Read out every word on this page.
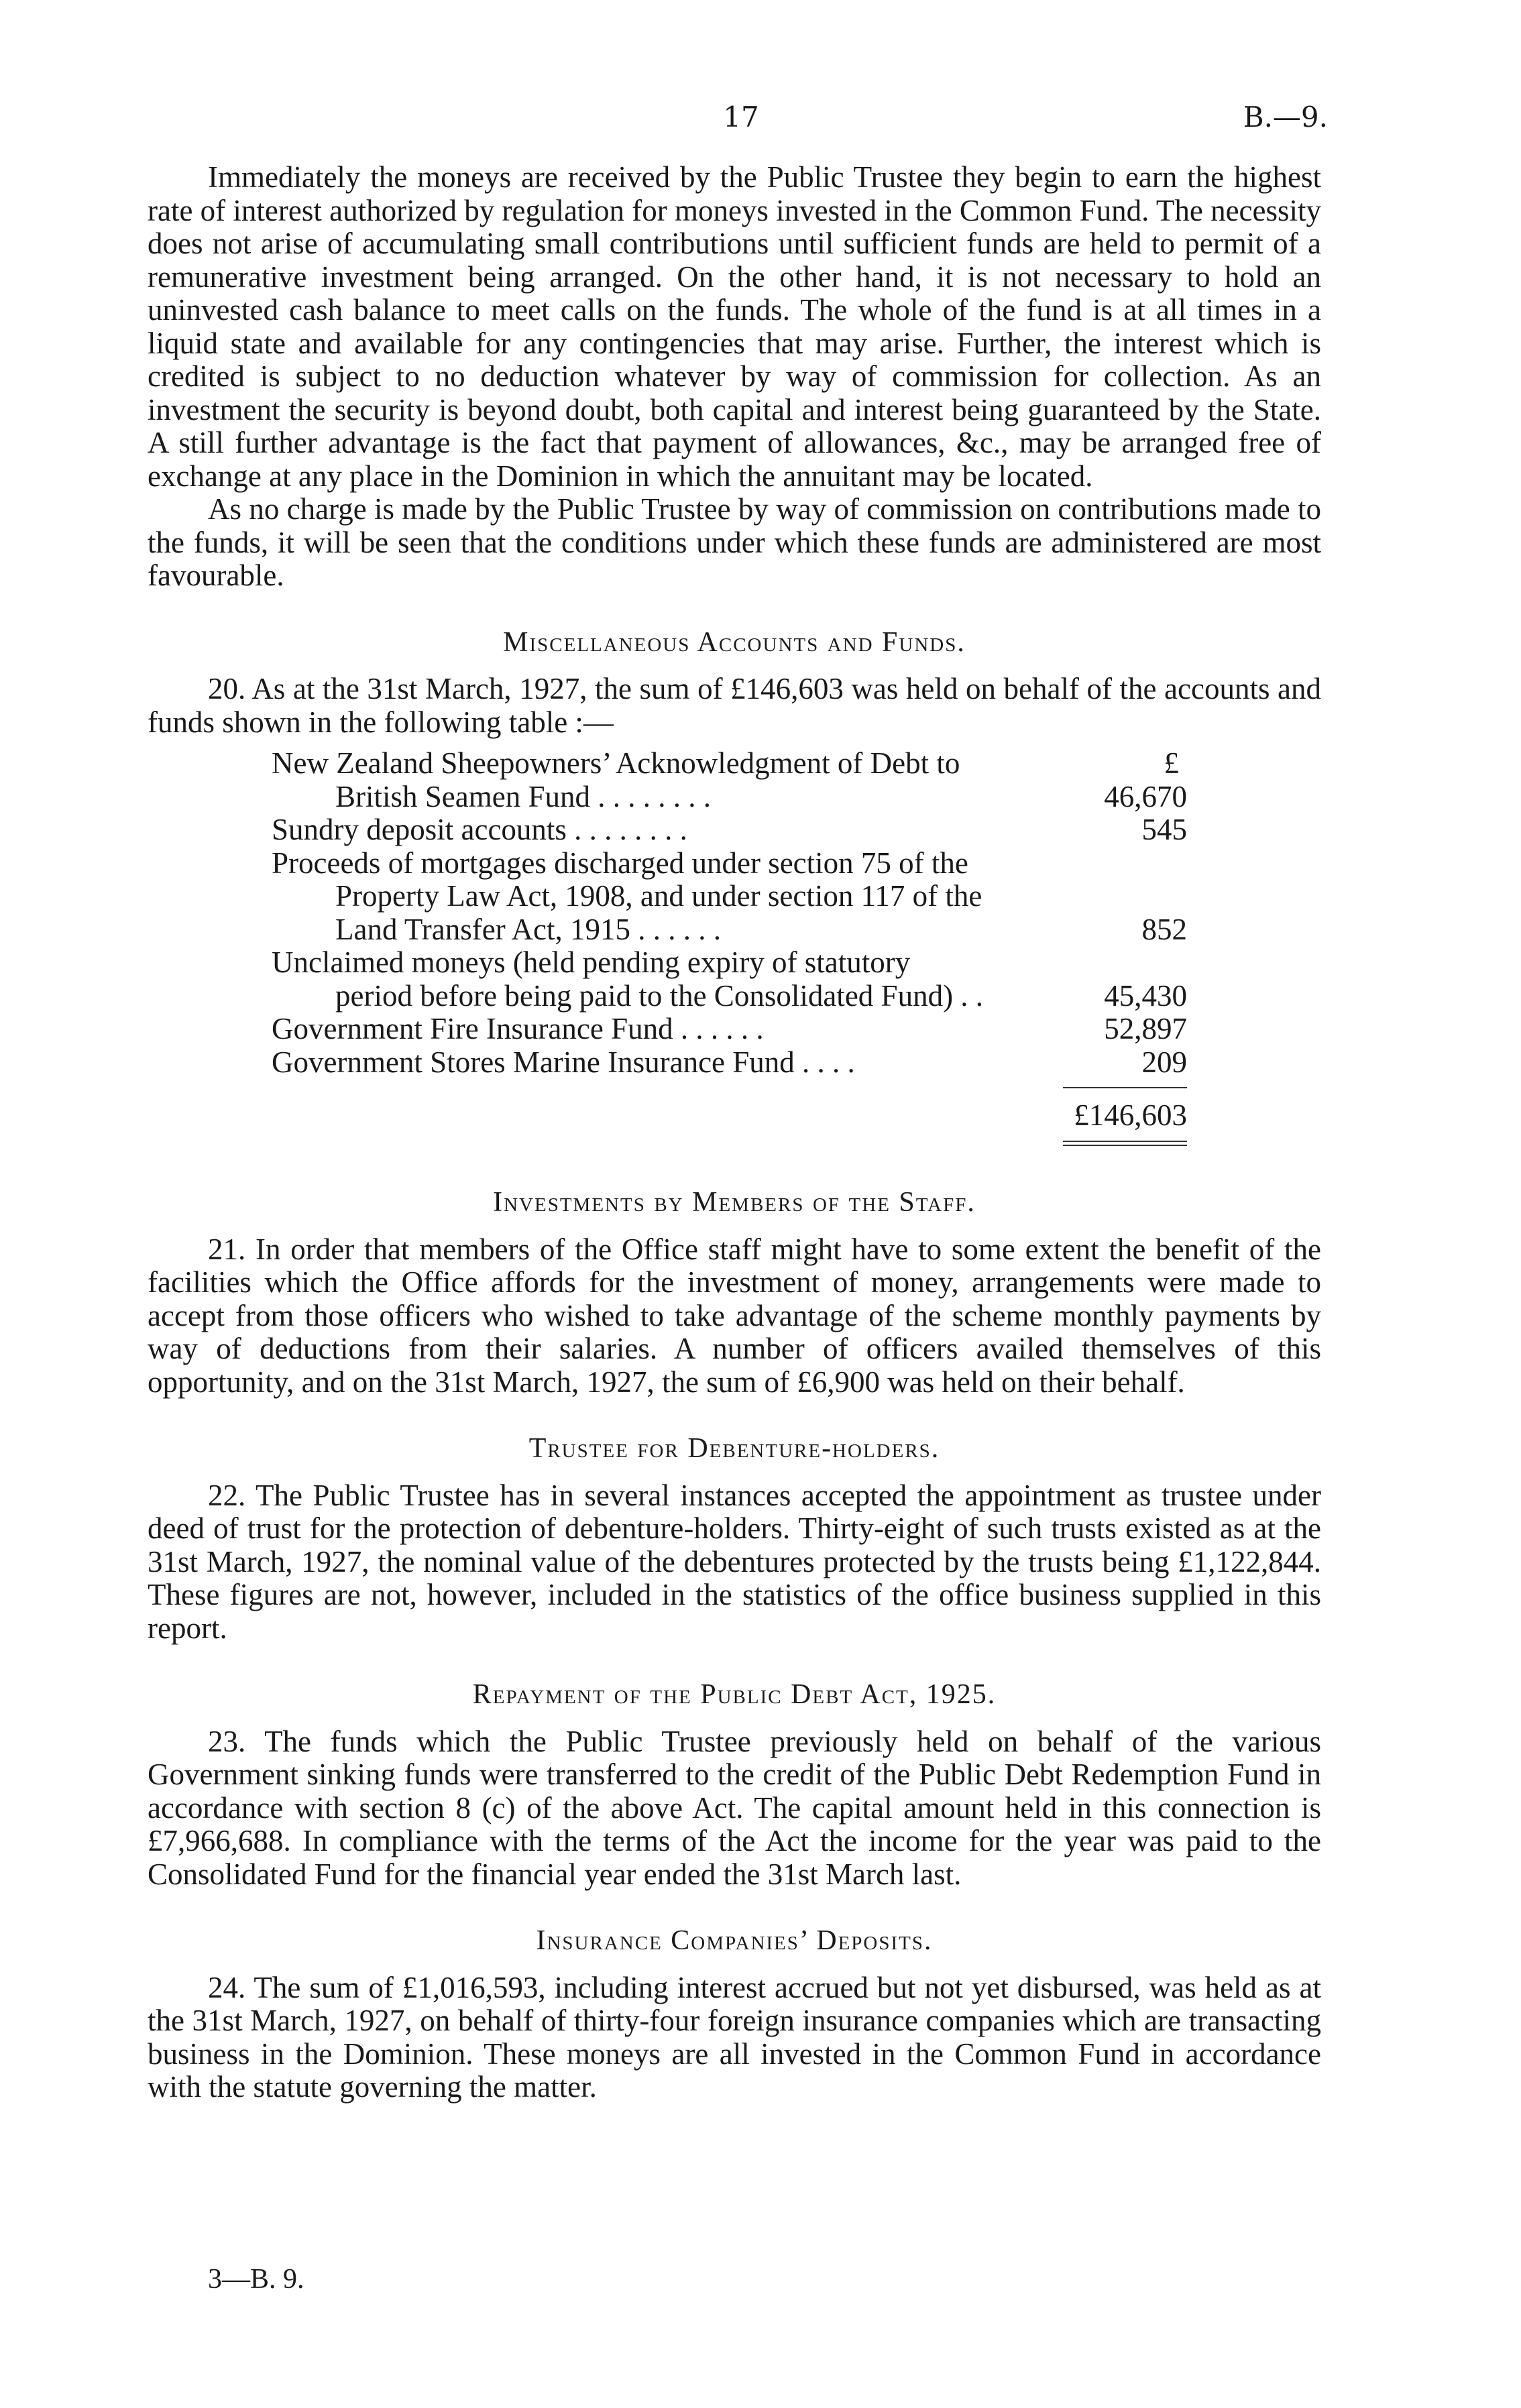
17	B.—9.

Immediately the moneys are received by the Public Trustee they begin to earn the highest rate of interest authorized by regulation for moneys invested in the Common Fund. The necessity does not arise of accumulating small contributions until sufficient funds are held to permit of a remunerative investment being arranged. On the other hand, it is not necessary to hold an uninvested cash balance to meet calls on the funds. The whole of the fund is at all times in a liquid state and available for any contingencies that may arise. Further, the interest which is credited is subject to no deduction whatever by way of commission for collection. As an investment the security is beyond doubt, both capital and interest being guaranteed by the State. A still further advantage is the fact that payment of allowances, &c., may be arranged free of exchange at any place in the Dominion in which the annuitant may be located.

As no charge is made by the Public Trustee by way of commission on contributions made to the funds, it will be seen that the conditions under which these funds are administered are most favourable.

Miscellaneous Accounts and Funds.

20. As at the 31st March, 1927, the sum of £146,603 was held on behalf of the accounts and funds shown in the following table :—

£
New Zealand Sheepowners’ Acknowledgment of Debt to
British Seamen Fund . . . . . . . .	46,670
Sundry deposit accounts . . . . . . . .	545
Proceeds of mortgages discharged under section 75 of the
Property Law Act, 1908, and under section 117 of the
Land Transfer Act, 1915 . . . . . .	852
Unclaimed moneys (held pending expiry of statutory
period before being paid to the Consolidated Fund) . .	45,430
Government Fire Insurance Fund . . . . . .	52,897
Government Stores Marine Insurance Fund . . . .	209
£146,603
Investments by Members of the Staff.

21. In order that members of the Office staff might have to some extent the benefit of the facilities which the Office affords for the investment of money, arrangements were made to accept from those officers who wished to take advantage of the scheme monthly payments by way of deductions from their salaries. A number of officers availed themselves of this opportunity, and on the 31st March, 1927, the sum of £6,900 was held on their behalf.

Trustee for Debenture-holders.

22. The Public Trustee has in several instances accepted the appointment as trustee under deed of trust for the protection of debenture-holders. Thirty-eight of such trusts existed as at the 31st March, 1927, the nominal value of the debentures protected by the trusts being £1,122,844. These figures are not, however, included in the statistics of the office business supplied in this report.

Repayment of the Public Debt Act, 1925.

23. The funds which the Public Trustee previously held on behalf of the various Government sinking funds were transferred to the credit of the Public Debt Redemption Fund in accordance with section 8 (c) of the above Act. The capital amount held in this connection is £7,966,688. In compliance with the terms of the Act the income for the year was paid to the Consolidated Fund for the financial year ended the 31st March last.

Insurance Companies’ Deposits.

24. The sum of £1,016,593, including interest accrued but not yet disbursed, was held as at the 31st March, 1927, on behalf of thirty-four foreign insurance companies which are transacting business in the Dominion. These moneys are all invested in the Common Fund in accordance with the statute governing the matter.

3—B. 9.
